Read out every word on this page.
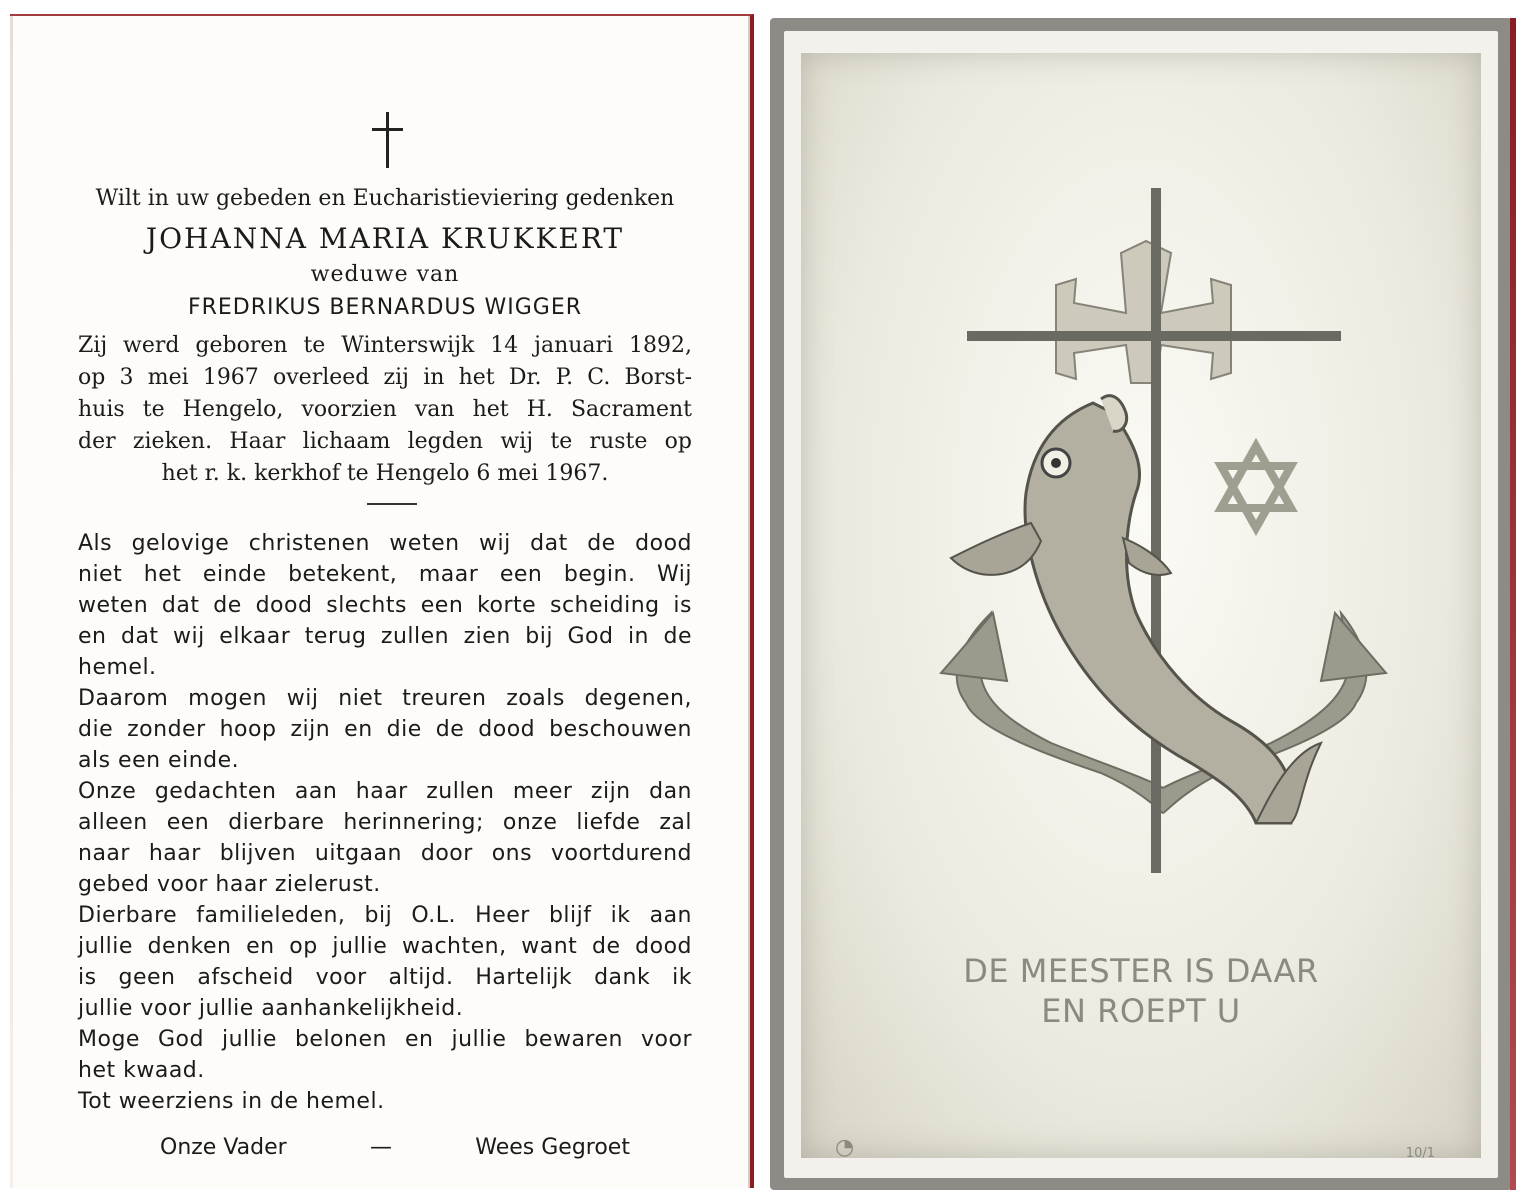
Wilt in uw gebeden en Eucharistieviering gedenken
JOHANNA MARIA KRUKKERT
weduwe van
FREDRIKUS BERNARDUS WIGGER
Zij werd geboren te Winterswijk 14 januari 1892,
op 3 mei 1967 overleed zij in het Dr. P. C. Borst-
huis te Hengelo, voorzien van het H. Sacrament
der zieken. Haar lichaam legden wij te ruste op
het r. k. kerkhof te Hengelo 6 mei 1967.
Als gelovige christenen weten wij dat de dood
niet het einde betekent, maar een begin. Wij
weten dat de dood slechts een korte scheiding is
en dat wij elkaar terug zullen zien bij God in de
hemel.
Daarom mogen wij niet treuren zoals degenen,
die zonder hoop zijn en die de dood beschouwen
als een einde.
Onze gedachten aan haar zullen meer zijn dan
alleen een dierbare herinnering; onze liefde zal
naar haar blijven uitgaan door ons voortdurend
gebed voor haar zielerust.
Dierbare familieleden, bij O.L. Heer blijf ik aan
jullie denken en op jullie wachten, want de dood
is geen afscheid voor altijd. Hartelijk dank ik
jullie voor jullie aanhankelijkheid.
Moge God jullie belonen en jullie bewaren voor
het kwaad.
Tot weerziens in de hemel.
Onze Vader	—	Wees Gegroet
DE MEESTER IS DAAR
EN ROEPT U
◔	10/1
